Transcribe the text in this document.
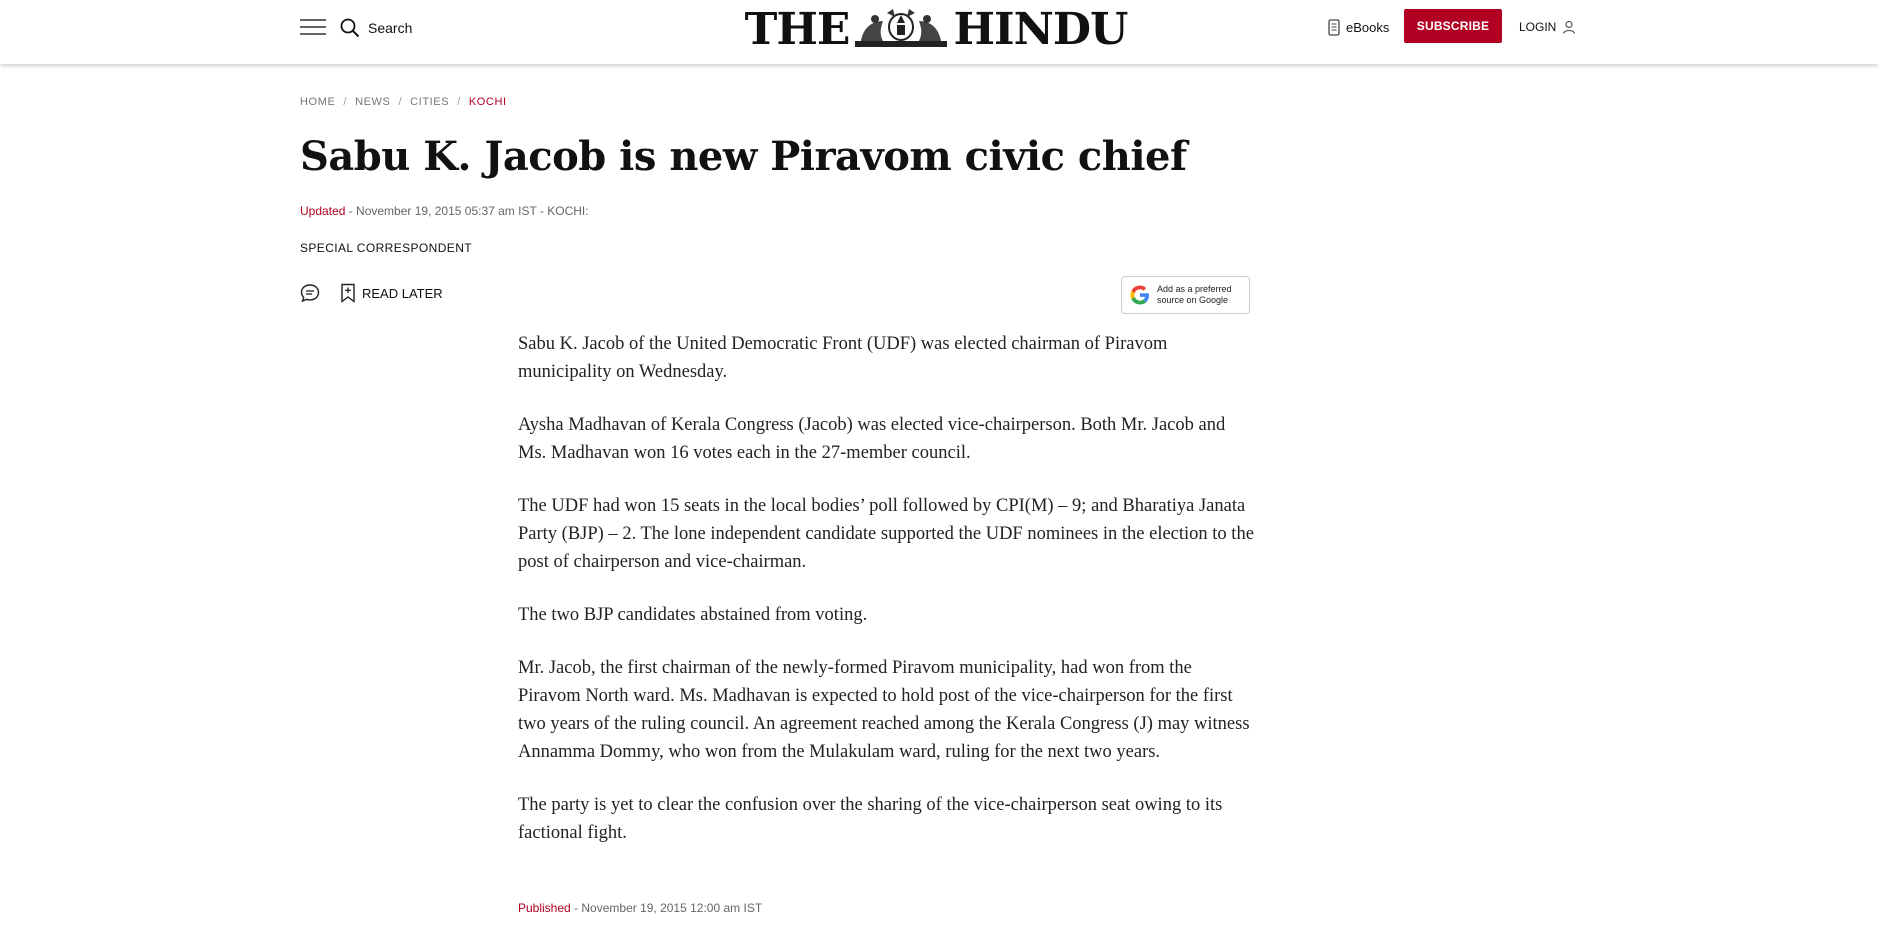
Search	THE HINDU	eBooks	SUBSCRIBE	LOGIN
HOME / NEWS / CITIES / KOCHI
Sabu K. Jacob is new Piravom civic chief
Updated - November 19, 2015 05:37 am IST - KOCHI:
SPECIAL CORRESPONDENT
READ LATER	Add as a preferred
source on Google

Sabu K. Jacob of the United Democratic Front (UDF) was elected chairman of Piravom municipality on Wednesday.

Aysha Madhavan of Kerala Congress (Jacob) was elected vice-chairperson. Both Mr. Jacob and Ms. Madhavan won 16 votes each in the 27-member council.

The UDF had won 15 seats in the local bodies’ poll followed by CPI(M) – 9; and Bharatiya Janata Party (BJP) – 2. The lone independent candidate supported the UDF nominees in the election to the post of chairperson and vice-chairman.

The two BJP candidates abstained from voting.

Mr. Jacob, the first chairman of the newly-formed Piravom municipality, had won from the Piravom North ward. Ms. Madhavan is expected to hold post of the vice-chairperson for the first two years of the ruling council. An agreement reached among the Kerala Congress (J) may witness Annamma Dommy, who won from the Mulakulam ward, ruling for the next two years.

The party is yet to clear the confusion over the sharing of the vice-chairperson seat owing to its factional fight.

Published - November 19, 2015 12:00 am IST
